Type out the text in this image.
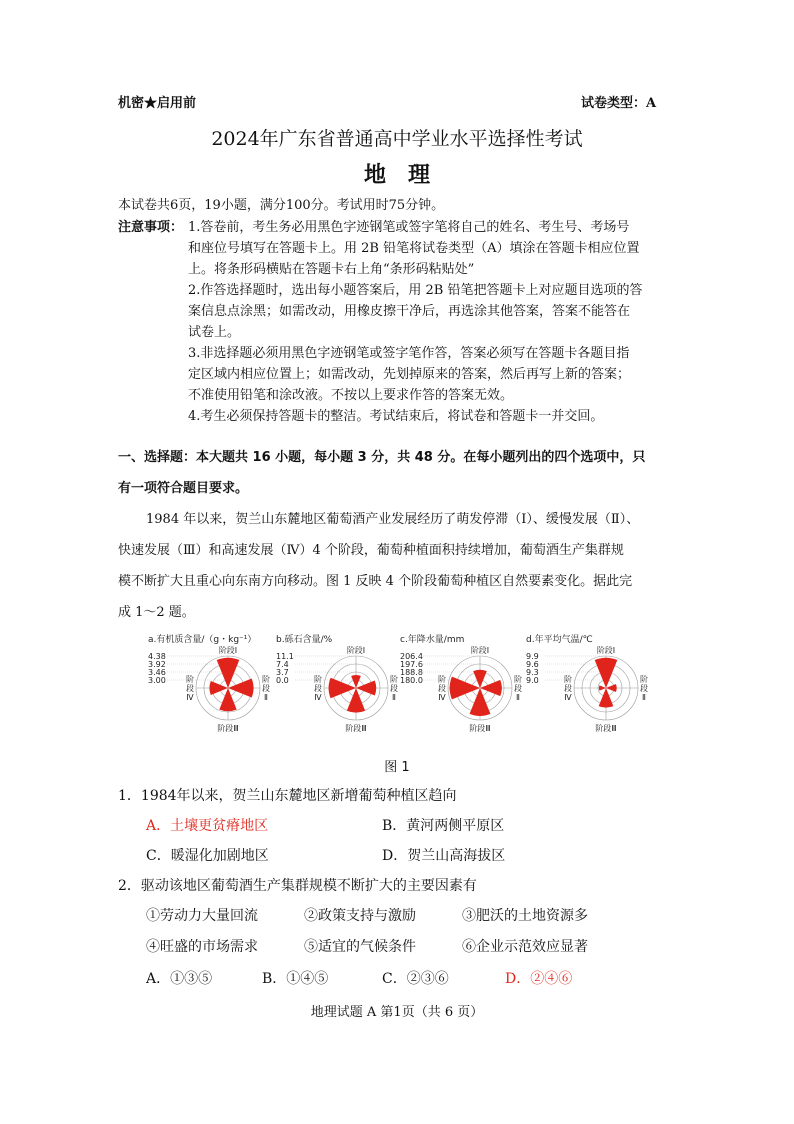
机密★启用前	试卷类型：A
2024年广东省普通高中学业水平选择性考试
地　理
本试卷共6页，19小题，满分100分。考试用时75分钟。
注意事项： 1.答卷前，考生务必用黑色字迹钢笔或签字笔将自己的姓名、考生号、考场号
和座位号填写在答题卡上。用 2B 铅笔将试卷类型（A）填涂在答题卡相应位置
上。将条形码横贴在答题卡右上角“条形码粘贴处”
2.作答选择题时，选出每小题答案后，用 2B 铅笔把答题卡上对应题目选项的答
案信息点涂黑；如需改动，用橡皮擦干净后，再选涂其他答案，答案不能答在
试卷上。
3.非选择题必须用黑色字迹钢笔或签字笔作答，答案必须写在答题卡各题目指
定区域内相应位置上；如需改动，先划掉原来的答案，然后再写上新的答案；
不准使用铅笔和涂改液。不按以上要求作答的答案无效。
4.考生必须保持答题卡的整洁。考试结束后，将试卷和答题卡一并交回。
一、选择题：本大题共 16 小题，每小题 3 分，共 48 分。在每小题列出的四个选项中，只
有一项符合题目要求。
1984 年以来，贺兰山东麓地区葡萄酒产业发展经历了萌发停滞（Ⅰ）、缓慢发展（Ⅱ）、
快速发展（Ⅲ）和高速发展（Ⅳ）4 个阶段，葡萄种植面积持续增加，葡萄酒生产集群规
模不断扩大且重心向东南方向移动。图 1 反映 4 个阶段葡萄种植区自然要素变化。据此完
成 1～2 题。
a.有机质含量/（g・kg⁻¹）
4.38
3.92
3.46
3.00
阶段Ⅰ
阶段Ⅲ
阶
段
Ⅳ
阶
段
Ⅱ
b.砾石含量/%
11.1
7.4
3.7
0.0
阶段Ⅰ
阶段Ⅲ
阶
段
Ⅳ
阶
段
Ⅱ
c.年降水量/mm
206.4
197.6
188.8
180.0
阶段Ⅰ
阶段Ⅲ
阶
段
Ⅳ
阶
段
Ⅱ
d.年平均气温/℃
9.9
9.6
9.3
9.0
阶段Ⅰ
阶段Ⅲ
阶
段
Ⅳ
阶
段
Ⅱ
图 1
1．1984年以来，贺兰山东麓地区新增葡萄种植区趋向
A．土壤更贫瘠地区	B．黄河两侧平原区
C．暖湿化加剧地区	D．贺兰山高海拔区
2．驱动该地区葡萄酒生产集群规模不断扩大的主要因素有
①劳动力大量回流	②政策支持与激励	③肥沃的土地资源多
④旺盛的市场需求	⑤适宜的气候条件	⑥企业示范效应显著
A．①③⑤	B．①④⑤	C．②③⑥	D．②④⑥
地理试题 A 第1页（共 6 页）
